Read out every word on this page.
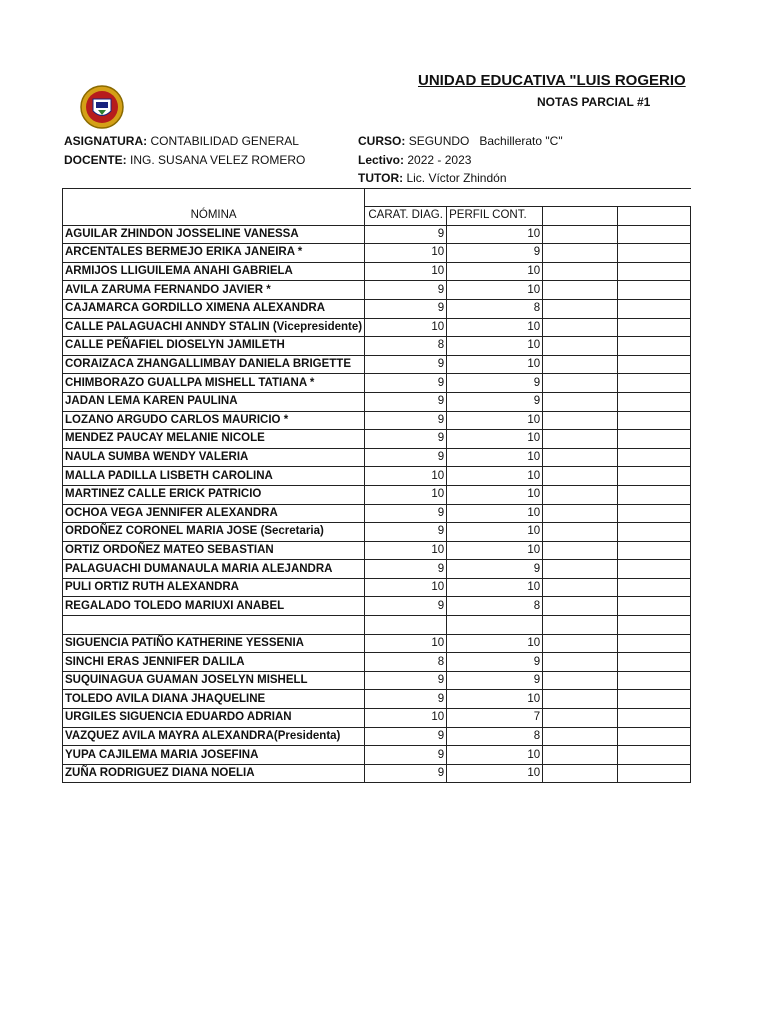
UNIDAD EDUCATIVA "LUIS ROGERIO
NOTAS PARCIAL #1
ASIGNATURA: CONTABILIDAD GENERAL
DOCENTE: ING. SUSANA VELEZ ROMERO
CURSO: SEGUNDO   Bachillerato "C"
Lectivo: 2022 - 2023
TUTOR: Lic. Víctor Zhindón

NÓMINA	CARAT. DIAG.	PERFIL CONT.		
AGUILAR ZHINDON JOSSELINE VANESSA	9	10		
ARCENTALES BERMEJO ERIKA JANEIRA *	10	9		
ARMIJOS LLIGUILEMA ANAHI GABRIELA	10	10		
AVILA ZARUMA FERNANDO JAVIER *	9	10		
CAJAMARCA GORDILLO XIMENA ALEXANDRA	9	8		
CALLE PALAGUACHI ANNDY STALIN (Vicepresidente)	10	10		
CALLE PEÑAFIEL DIOSELYN JAMILETH	8	10		
CORAIZACA ZHANGALLIMBAY DANIELA BRIGETTE	9	10		
CHIMBORAZO GUALLPA MISHELL TATIANA *	9	9		
JADAN LEMA KAREN PAULINA	9	9		
LOZANO ARGUDO CARLOS MAURICIO *	9	10		
MENDEZ PAUCAY MELANIE NICOLE	9	10		
NAULA SUMBA WENDY VALERIA	9	10		
MALLA PADILLA LISBETH CAROLINA	10	10		
MARTINEZ CALLE ERICK PATRICIO	10	10		
OCHOA VEGA JENNIFER ALEXANDRA	9	10		
ORDOÑEZ CORONEL MARIA JOSE (Secretaria)	9	10		
ORTIZ ORDOÑEZ MATEO SEBASTIAN	10	10		
PALAGUACHI DUMANAULA MARIA ALEJANDRA	9	9		
PULI ORTIZ RUTH ALEXANDRA	10	10		
REGALADO TOLEDO MARIUXI ANABEL	9	8		

SIGUENCIA PATIÑO KATHERINE YESSENIA	10	10		
SINCHI ERAS JENNIFER DALILA	8	9		
SUQUINAGUA GUAMAN JOSELYN MISHELL	9	9		
TOLEDO AVILA DIANA JHAQUELINE	9	10		
URGILES SIGUENCIA EDUARDO ADRIAN	10	7		
VAZQUEZ AVILA MAYRA ALEXANDRA(Presidenta)	9	8		
YUPA CAJILEMA MARIA JOSEFINA	9	10		
ZUÑA RODRIGUEZ DIANA NOELIA	9	10		
